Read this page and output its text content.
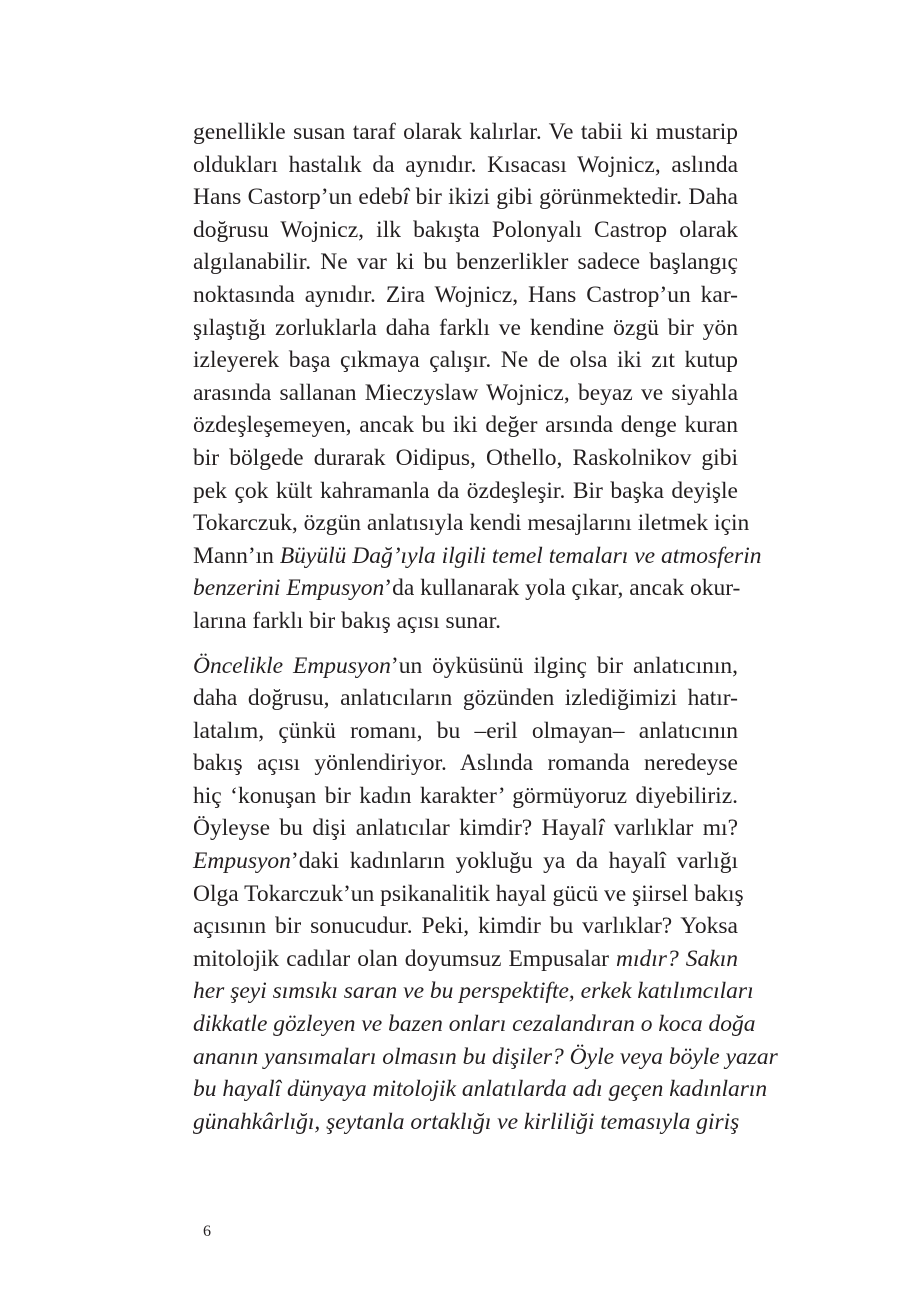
genellikle susan taraf olarak kalırlar. Ve tabii ki mustarip
oldukları hastalık da aynıdır. Kısacası Wojnicz, aslında
Hans Castorp’un edebî bir ikizi gibi görünmektedir. Daha
doğrusu Wojnicz, ilk bakışta Polonyalı Castrop olarak
algılanabilir. Ne var ki bu benzerlikler sadece başlangıç
noktasında aynıdır. Zira Wojnicz, Hans Castrop’un kar-
şılaştığı zorluklarla daha farklı ve kendine özgü bir yön
izleyerek başa çıkmaya çalışır. Ne de olsa iki zıt kutup
arasında sallanan Mieczyslaw Wojnicz, beyaz ve siyahla
özdeşleşemeyen, ancak bu iki değer arsında denge kuran
bir bölgede durarak Oidipus, Othello, Raskolnikov gibi
pek çok kült kahramanla da özdeşleşir. Bir başka deyişle
Tokarczuk, özgün anlatısıyla kendi mesajlarını iletmek için
Mann’ın Büyülü Dağ’ıyla ilgili temel temaları ve atmosferin
benzerini Empusyon’da kullanarak yola çıkar, ancak okur-
larına farklı bir bakış açısı sunar.

Öncelikle Empusyon’un öyküsünü ilginç bir anlatıcının,
daha doğrusu, anlatıcıların gözünden izlediğimizi hatır-
latalım, çünkü romanı, bu –eril olmayan– anlatıcının
bakış açısı yönlendiriyor. Aslında romanda neredeyse
hiç ‘konuşan bir kadın karakter’ görmüyoruz diyebiliriz.
Öyleyse bu dişi anlatıcılar kimdir? Hayalî varlıklar mı?
Empusyon’daki kadınların yokluğu ya da hayalî varlığı
Olga Tokarczuk’un psikanalitik hayal gücü ve şiirsel bakış
açısının bir sonucudur. Peki, kimdir bu varlıklar? Yoksa
mitolojik cadılar olan doyumsuz Empusalar mıdır? Sakın
her şeyi sımsıkı saran ve bu perspektifte, erkek katılımcıları
dikkatle gözleyen ve bazen onları cezalandıran o koca doğa
ananın yansımaları olmasın bu dişiler? Öyle veya böyle yazar
bu hayalî dünyaya mitolojik anlatılarda adı geçen kadınların
günahkârlığı, şeytanla ortaklığı ve kirliliği temasıyla giriş

6
